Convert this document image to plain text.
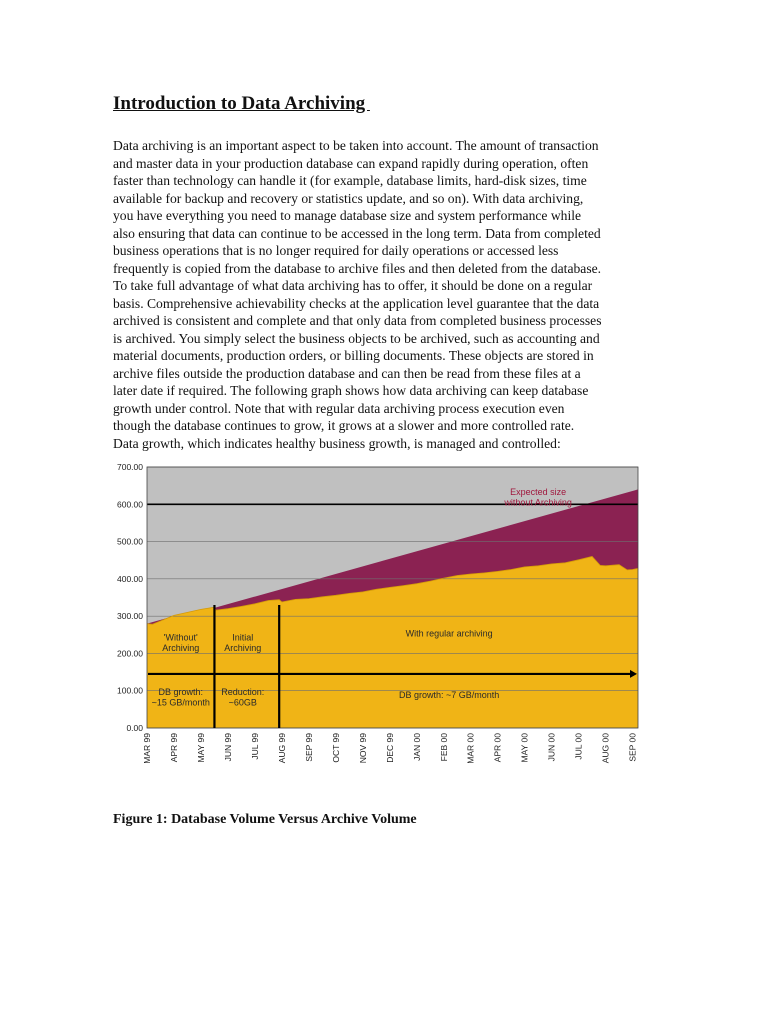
Introduction to Data Archiving
Data archiving is an important aspect to be taken into account. The amount of transaction
and master data in your production database can expand rapidly during operation, often
faster than technology can handle it (for example, database limits, hard-disk sizes, time
available for backup and recovery or statistics update, and so on). With data archiving,
you have everything you need to manage database size and system performance while
also ensuring that data can continue to be accessed in the long term. Data from completed
business operations that is no longer required for daily operations or accessed less
frequently is copied from the database to archive files and then deleted from the database.
To take full advantage of what data archiving has to offer, it should be done on a regular
basis. Comprehensive achievability checks at the application level guarantee that the data
archived is consistent and complete and that only data from completed business processes
is archived. You simply select the business objects to be archived, such as accounting and
material documents, production orders, or billing documents. These objects are stored in
archive files outside the production database and can then be read from these files at a
later date if required. The following graph shows how data archiving can keep database
growth under control. Note that with regular data archiving process execution even
though the database continues to grow, it grows at a slower and more controlled rate.
Data growth, which indicates healthy business growth, is managed and controlled:
0.00
100.00
200.00
300.00
400.00
500.00
600.00
700.00
Expected size without Archiving
'Without' Archiving
Initial Archiving
With regular archiving
DB growth: ~15 GB/month
Reduction: ~60GB
DB growth: ~7 GB/month
MAR 99 APR 99 MAY 99 JUN 99 JUL 99 AUG 99 SEP 99 OCT 99 NOV 99 DEC 99 JAN 00 FEB 00 MAR 00 APR 00 MAY 00 JUN 00 JUL 00 AUG 00 SEP 00

Figure 1: Database Volume Versus Archive Volume
